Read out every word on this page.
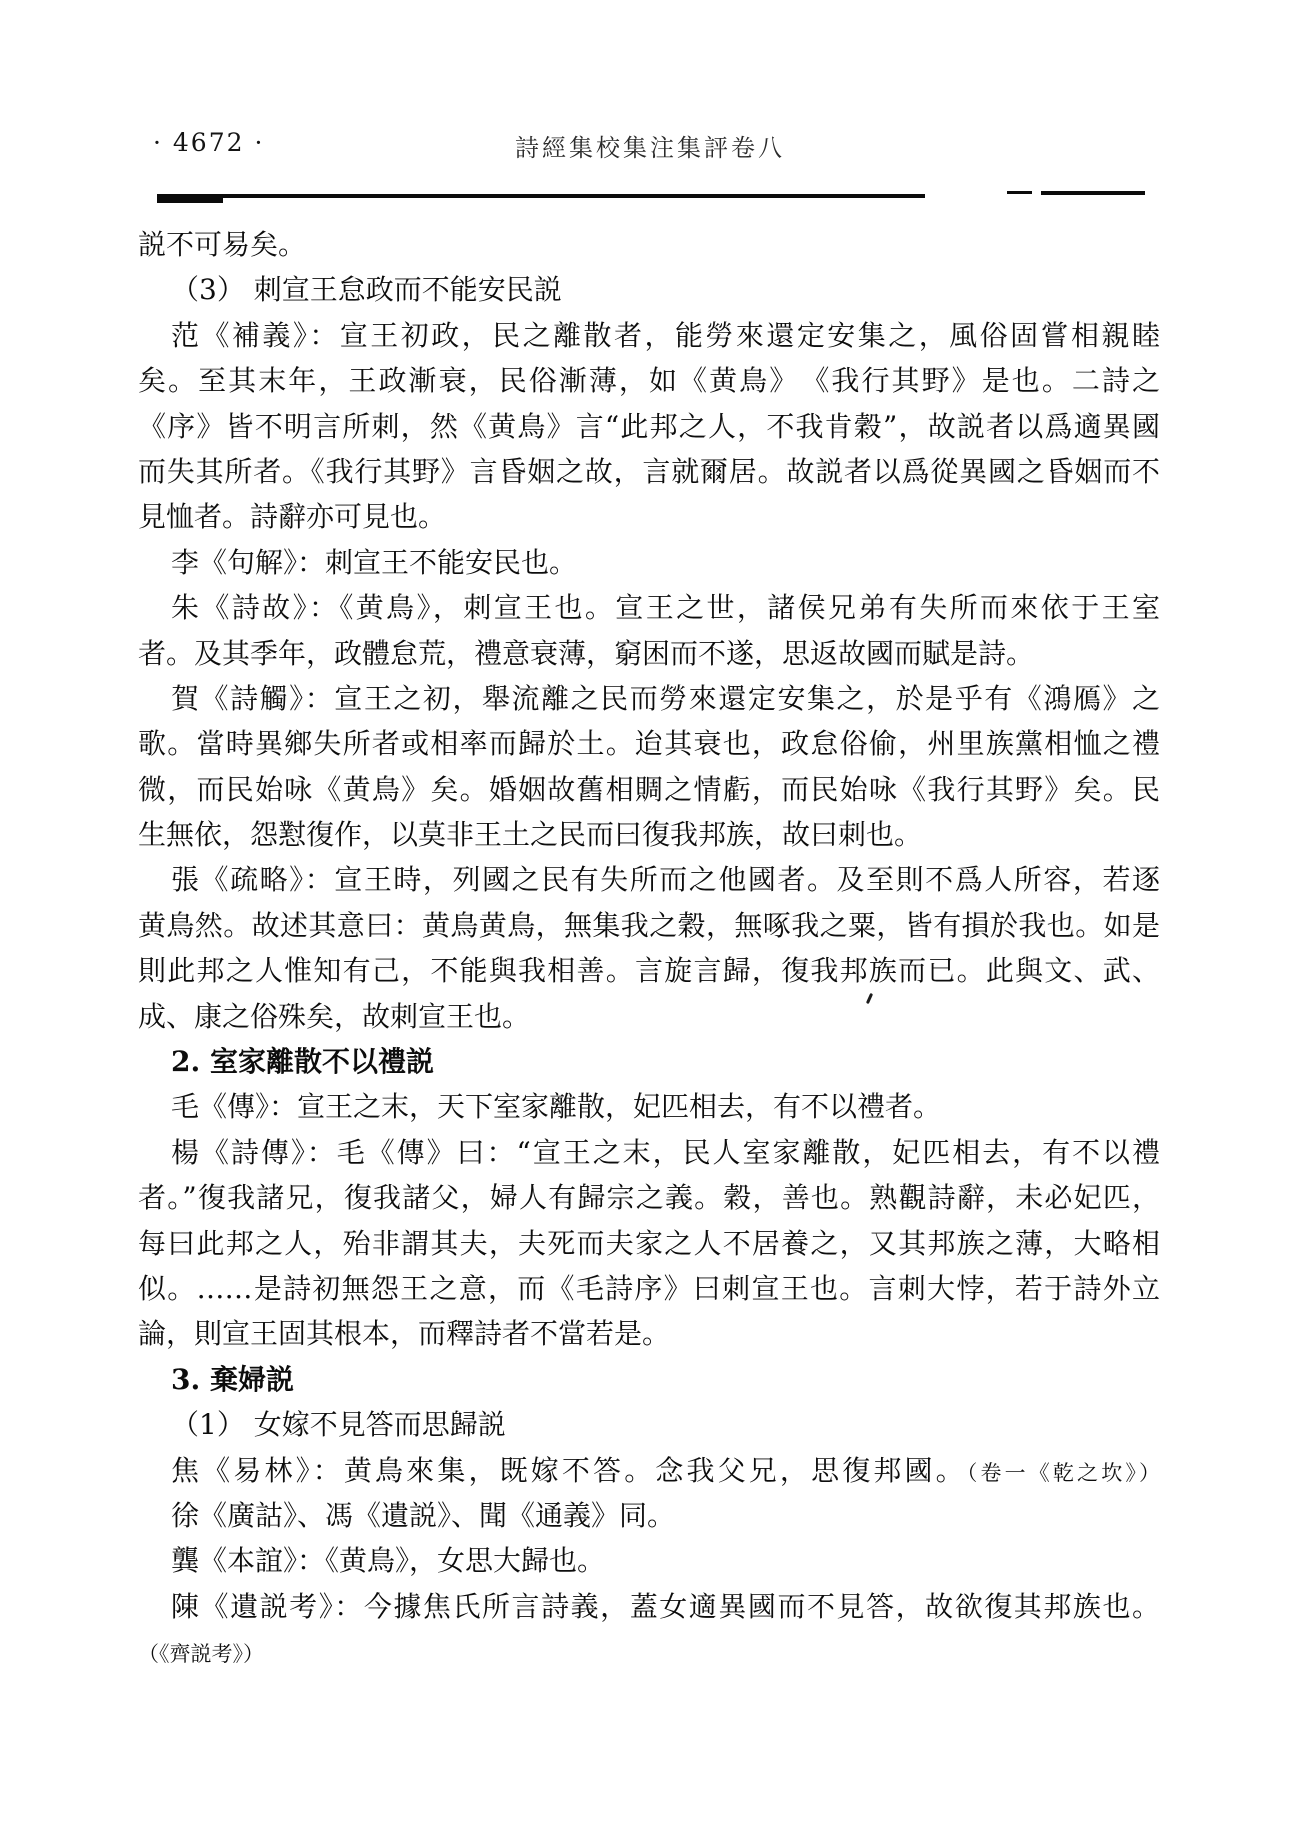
· 4672 ·	詩經集校集注集評卷八
説不可易矣。
（3） 刺宣王怠政而不能安民説
范《補義》：宣王初政，民之離散者，能勞來還定安集之，風俗固嘗相親睦
矣。至其末年，王政漸衰，民俗漸薄，如《黄鳥》　《我行其野》是也。二詩之
《序》皆不明言所刺，然《黄鳥》言“此邦之人，不我肯穀”，故説者以爲適異國
而失其所者。《我行其野》言昏姻之故，言就爾居。故説者以爲從異國之昏姻而不
見恤者。詩辭亦可見也。
李《句解》：刺宣王不能安民也。
朱《詩故》：《黄鳥》，刺宣王也。宣王之世，諸侯兄弟有失所而來依于王室
者。及其季年，政體怠荒，禮意衰薄，窮困而不遂，思返故國而賦是詩。
賀《詩觸》：宣王之初，舉流離之民而勞來還定安集之，於是乎有《鴻鴈》之
歌。當時異鄉失所者或相率而歸於土。迨其衰也，政怠俗偷，州里族黨相恤之禮
微，而民始咏《黄鳥》矣。婚姻故舊相賙之情虧，而民始咏《我行其野》矣。民
生無依，怨懟復作，以莫非王土之民而曰復我邦族，故曰刺也。
張《疏略》：宣王時，列國之民有失所而之他國者。及至則不爲人所容，若逐
黄鳥然。故述其意曰：黄鳥黄鳥，無集我之穀，無啄我之粟，皆有損於我也。如是
則此邦之人惟知有己，不能與我相善。言旋言歸，復我邦族而已。此與文、武、
成、康之俗殊矣，故刺宣王也。
2. 室家離散不以禮説
毛《傳》：宣王之末，天下室家離散，妃匹相去，有不以禮者。
楊《詩傳》：毛《傳》曰：“宣王之末，民人室家離散，妃匹相去，有不以禮
者。”復我諸兄，復我諸父，婦人有歸宗之義。穀，善也。熟觀詩辭，未必妃匹，
每曰此邦之人，殆非謂其夫，夫死而夫家之人不居養之，又其邦族之薄，大略相
似。……是詩初無怨王之意，而《毛詩序》曰刺宣王也。言刺大悖，若于詩外立
論，則宣王固其根本，而釋詩者不當若是。
3. 棄婦説
（1） 女嫁不見答而思歸説
焦《易林》：黄鳥來集，既嫁不答。念我父兄，思復邦國。（卷一《乾之坎》）
徐《廣詁》、馮《遺説》、聞《通義》同。
龔《本誼》：《黄鳥》，女思大歸也。
陳《遺説考》：今據焦氏所言詩義，蓋女適異國而不見答，故欲復其邦族也。
（《齊説考》）
